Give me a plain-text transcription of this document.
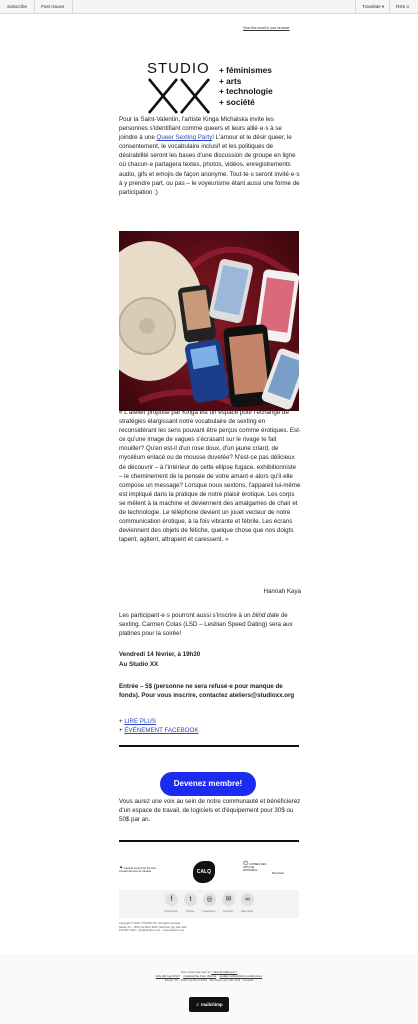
Subscribe	Past Issues	Translate ▾	RSS ◙
View this email in your browser
STUDIO + féminismes
+ arts
+ technologie
+ société
Pour la Saint-Valentin, l'artiste Kinga Michalska invite les personnes s'identifiant comme queers et leurs allié·e·s à se joindre à une Queer Sexting Party! L'amour et le désir queer, le consentement, le vocabulaire inclusif et les politiques de désirabilité seront les bases d'une discussion de groupe en ligne où chacun·e partagera textes, photos, vidéos, enregistrements audio, gifs et emojis de façon anonyme. Tout·te·s seront invité·e·s à y prendre part, ou pas – le voyeurisme étant aussi une forme de participation ;)
« L'atelier proposé par Kinga est un espace pour l'échange de stratégies élargissant notre vocabulaire de sexting en reconsidérant les sens pouvant être perçus comme érotiques. Est-ce qu'une image de vagues s'écrasant sur le rivage te fait mouiller? Qu'en est-il d'un rose doux, d'un jaune criard, de mycélium enlacé ou de mousse duvetée? N'est-ce pas délicieux de découvrir – à l'intérieur de cette ellipse fugace, exhibitionniste – le cheminement de la pensée de votre amant·e alors qu'il·elle compose un message? Lorsque nous sextons, l'appareil lui-même est impliqué dans la pratique de notre plaisir érotique. Les corps se mêlent à la machine et deviennent des amalgames de chair et de technologie. Le téléphone devient un jouet vecteur de notre communication érotique, à la fois vibrante et fébrile. Les écrans deviennent des objets de fétiche, quelque chose que nos doigts tapent, agitent, attrapent et caressent. »
Hannah Kaya
Les participant·e·s pourront aussi s'inscrire à un blind date de sexting. Carmen Colas (LSD – Lesbian Speed Dating) sera aux platines pour la soirée!
Vendredi 14 février, à 19h30
Au Studio XX
Entrée – 5$ (personne ne sera refusé·e pour manque de fonds). Pour vous inscrire, contactez ateliers@studioxx.org
+ LIRE PLUS
+ ÉVÉNEMENT FACEBOOK
Devenez membre!
Vous aurez une voix au sein de notre communauté et bénéficierez d'un espace de travail, de logiciels et d'équipement pour 30$ ou 50$ par an.
✦ Canada Council for the Arts Conseil des arts du Canada	CALQ
⌬ CONSEIL DES ARTS DE MONTRÉAL
Montréal
f
Facebook
t
Twitter
◎
Instagram
✉
Courriel
∞
Site Web
Copyright © 2020 *STUDIO XX*, All rights reserved.
Studio XX – 4001 rue Berri #201, Montréal, QC H2L 4H2
514 845 7934 – info@studioxx.org – www.studioxx.org
This email was sent to <<Email Address>>
why did I get this? unsubscribe from this list update subscription preferences
Studio XX · 4001 rue Berri #201 · Montreal, QC H2L 4H2 · Canada
☺ mailchimp
